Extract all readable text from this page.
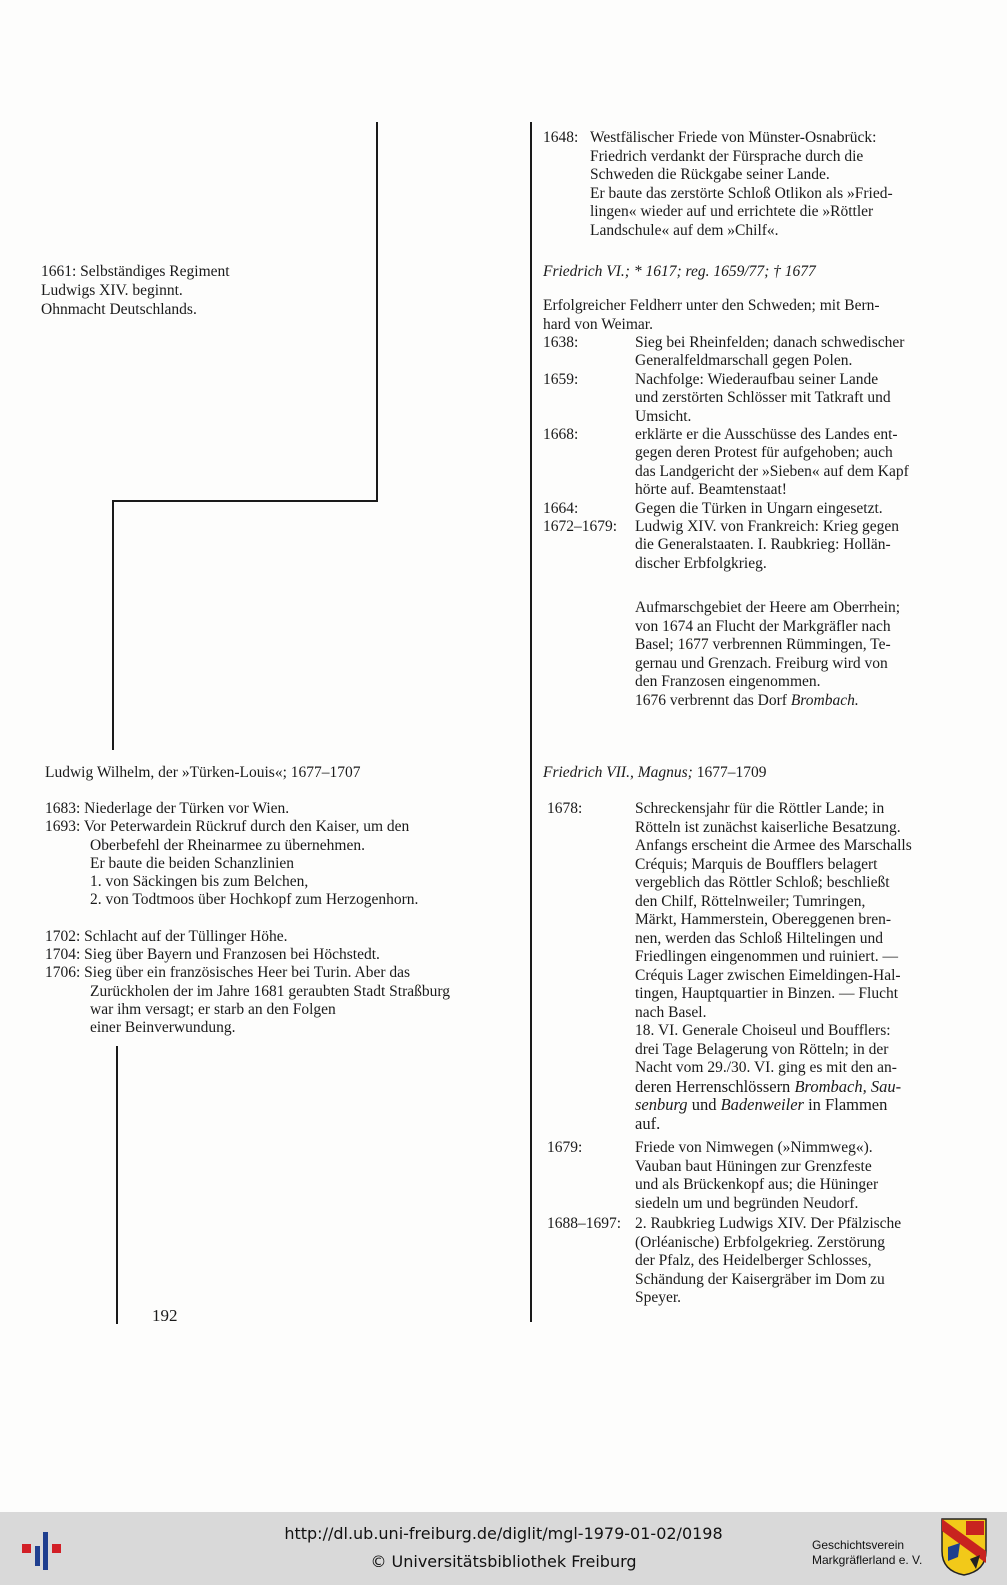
1661: Selbständiges Regiment
Ludwigs XIV. beginnt.
Ohnmacht Deutschlands.
Ludwig Wilhelm, der »Türken-Louis«; 1677–1707
1683: Niederlage der Türken vor Wien.
1693: Vor Peterwardein Rückruf durch den Kaiser, um den
Oberbefehl der Rheinarmee zu übernehmen.
Er baute die beiden Schanzlinien
1. von Säckingen bis zum Belchen,
2. von Todtmoos über Hochkopf zum Herzogenhorn.
1702: Schlacht auf der Tüllinger Höhe.
1704: Sieg über Bayern und Franzosen bei Höchstedt.
1706: Sieg über ein französisches Heer bei Turin. Aber das
Zurückholen der im Jahre 1681 geraubten Stadt Straßburg
war ihm versagt; er starb an den Folgen
einer Beinverwundung.
192
1648: Westfälischer Friede von Münster-Osnabrück:
Friedrich verdankt der Fürsprache durch die
Schweden die Rückgabe seiner Lande.
Er baute das zerstörte Schloß Otlikon als »Fried-
lingen« wieder auf und errichtete die »Röttler
Landschule« auf dem »Chilf«.
Friedrich VI.; * 1617; reg. 1659/77; † 1677
Erfolgreicher Feldherr unter den Schweden; mit Bern-
hard von Weimar.
1638:	Sieg bei Rheinfelden; danach schwedischer
Generalfeldmarschall gegen Polen.
1659:	Nachfolge: Wiederaufbau seiner Lande
und zerstörten Schlösser mit Tatkraft und
Umsicht.
1668:	erklärte er die Ausschüsse des Landes ent-
gegen deren Protest für aufgehoben; auch
das Landgericht der »Sieben« auf dem Kapf
hörte auf. Beamtenstaat!
1664:	Gegen die Türken in Ungarn eingesetzt.
1672–1679: Ludwig XIV. von Frankreich: Krieg gegen
die Generalstaaten. I. Raubkrieg: Hollän-
discher Erbfolgkrieg.
Aufmarschgebiet der Heere am Oberrhein;
von 1674 an Flucht der Markgräfler nach
Basel; 1677 verbrennen Rümmingen, Te-
gernau und Grenzach. Freiburg wird von
den Franzosen eingenommen.
1676 verbrennt das Dorf Brombach.
Friedrich VII., Magnus; 1677–1709
1678:	Schreckensjahr für die Röttler Lande; in
Rötteln ist zunächst kaiserliche Besatzung.
Anfangs erscheint die Armee des Marschalls
Créquis; Marquis de Boufflers belagert
vergeblich das Röttler Schloß; beschließt
den Chilf, Röttelnweiler; Tumringen,
Märkt, Hammerstein, Obereggenen bren-
nen, werden das Schloß Hiltelingen und
Friedlingen eingenommen und ruiniert. —
Créquis Lager zwischen Eimeldingen-Hal-
tingen, Hauptquartier in Binzen. — Flucht
nach Basel.
18. VI. Generale Choiseul und Boufflers:
drei Tage Belagerung von Rötteln; in der
Nacht vom 29./30. VI. ging es mit den an-
deren Herrenschlössern Brombach, Sau-
senburg und Badenweiler in Flammen
auf.
1679:	Friede von Nimwegen (»Nimmweg«).
Vauban baut Hüningen zur Grenzfeste
und als Brückenkopf aus; die Hüninger
siedeln um und begründen Neudorf.
1688–1697: 2. Raubkrieg Ludwigs XIV. Der Pfälzische
(Orléanische) Erbfolgekrieg. Zerstörung
der Pfalz, des Heidelberger Schlosses,
Schändung der Kaisergräber im Dom zu
Speyer.
http://dl.ub.uni-freiburg.de/diglit/mgl-1979-01-02/0198
© Universitätsbibliothek Freiburg
Geschichtsverein
Markgräflerland e. V.
